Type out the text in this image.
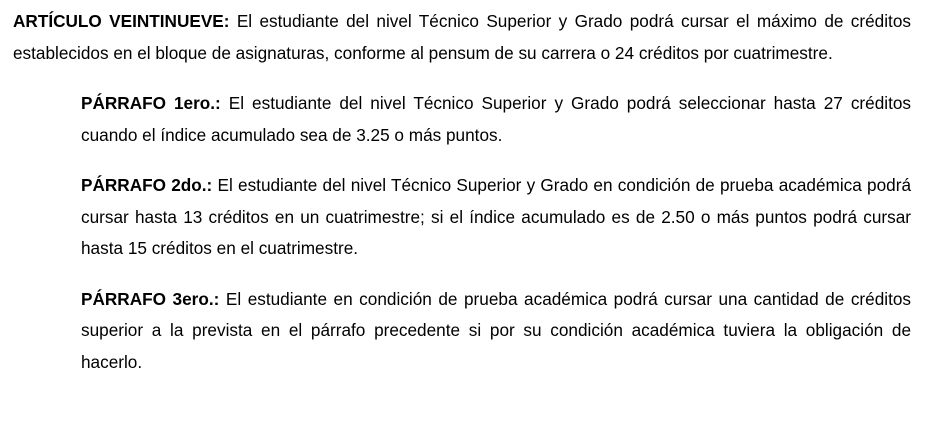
ARTÍCULO VEINTINUEVE: El estudiante del nivel Técnico Superior y Grado podrá cursar el máximo de créditos establecidos en el bloque de asignaturas, conforme al pensum de su carrera o 24 créditos por cuatrimestre.

PÁRRAFO 1ero.: El estudiante del nivel Técnico Superior y Grado podrá seleccionar hasta 27 créditos cuando el índice acumulado sea de 3.25 o más puntos.

PÁRRAFO 2do.: El estudiante del nivel Técnico Superior y Grado en condición de prueba académica podrá cursar hasta 13 créditos en un cuatrimestre; si el índice acumulado es de 2.50 o más puntos podrá cursar hasta 15 créditos en el cuatrimestre.

PÁRRAFO 3ero.: El estudiante en condición de prueba académica podrá cursar una cantidad de créditos superior a la prevista en el párrafo precedente si por su condición académica tuviera la obligación de hacerlo.
